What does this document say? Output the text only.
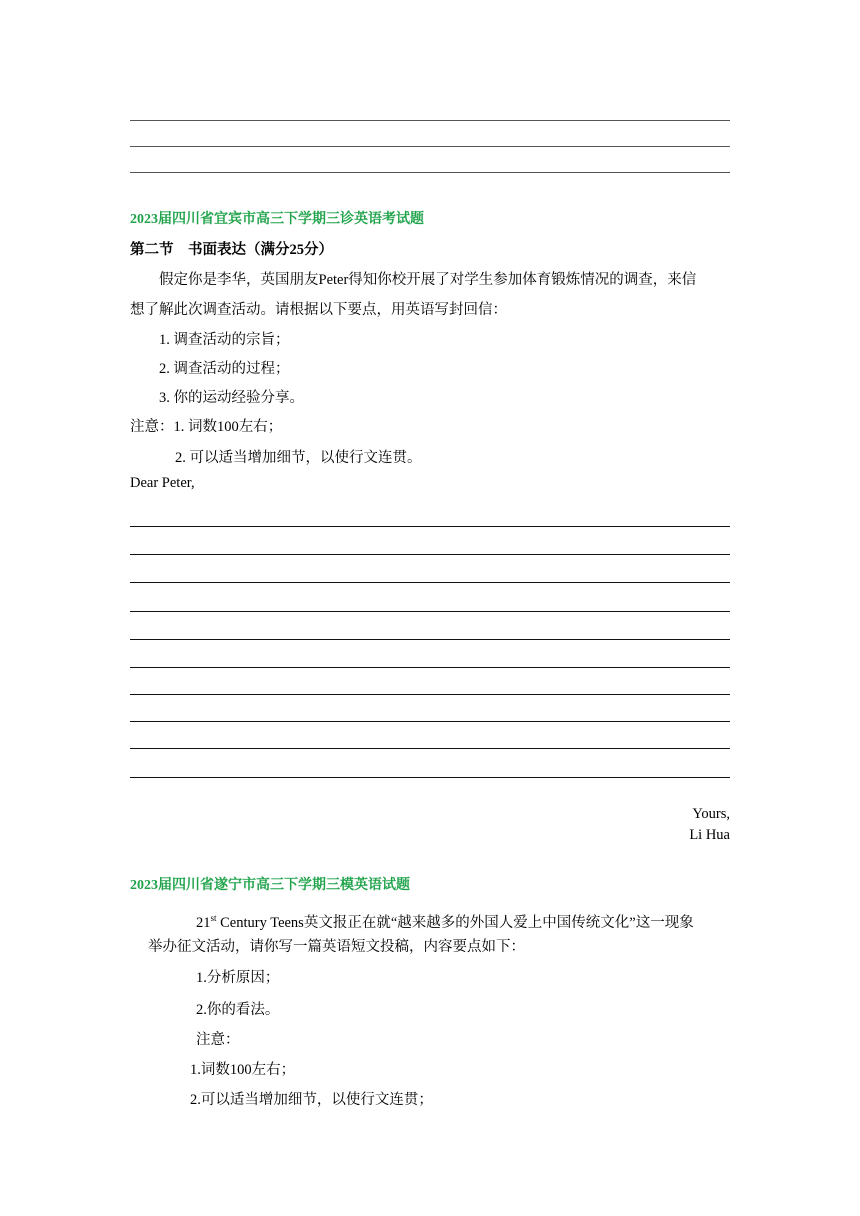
2023届四川省宜宾市高三下学期三诊英语考试题
第二节　书面表达（满分25分）
假定你是李华，英国朋友Peter得知你校开展了对学生参加体育锻炼情况的调查，来信
想了解此次调查活动。请根据以下要点，用英语写封回信：
1. 调查活动的宗旨；
2. 调查活动的过程；
3. 你的运动经验分享。
注意：1. 词数100左右；
2. 可以适当增加细节，以使行文连贯。
Dear Peter,
Yours,
Li Hua
2023届四川省遂宁市高三下学期三模英语试题
21st Century Teens英文报正在就“越来越多的外国人爱上中国传统文化”这一现象
举办征文活动，请你写一篇英语短文投稿，内容要点如下：
1.分析原因；
2.你的看法。
注意：
1.词数100左右；
2.可以适当增加细节，以使行文连贯；
